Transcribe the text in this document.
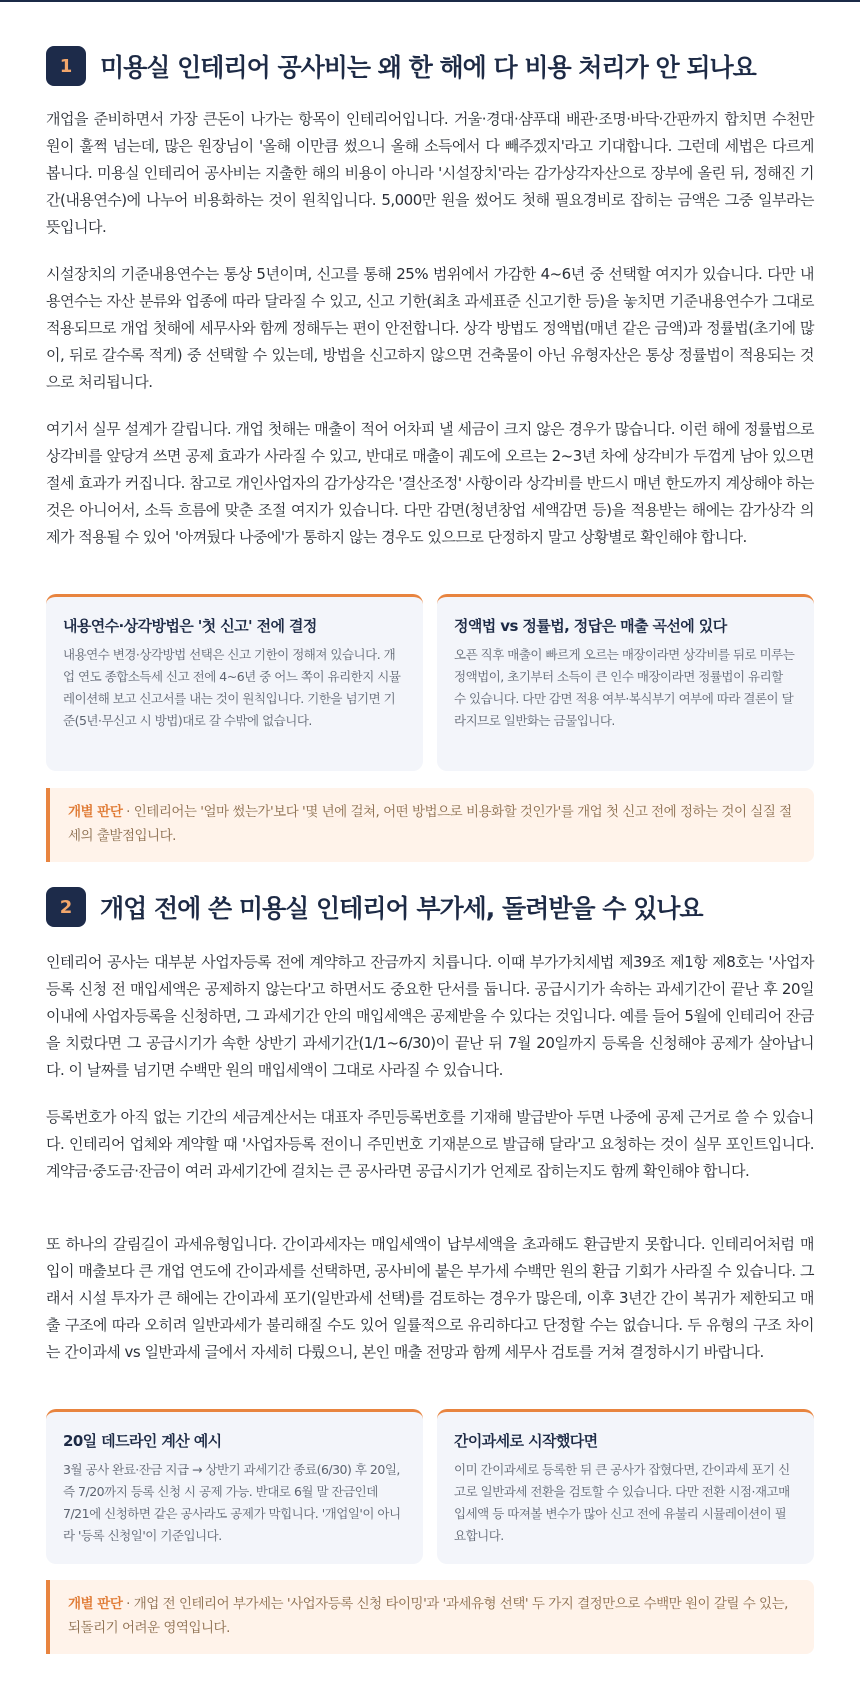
1	미용실 인테리어 공사비는 왜 한 해에 다 비용 처리가 안 되나요

개업을 준비하면서 가장 큰돈이 나가는 항목이 인테리어입니다. 거울·경대·샴푸대 배관·조명·바닥·간판까지 합치면 수천만 원이 훌쩍 넘는데, 많은 원장님이 '올해 이만큼 썼으니 올해 소득에서 다 빼주겠지'라고 기대합니다. 그런데 세법은 다르게 봅니다. 미용실 인테리어 공사비는 지출한 해의 비용이 아니라 '시설장치'라는 감가상각자산으로 장부에 올린 뒤, 정해진 기간(내용연수)에 나누어 비용화하는 것이 원칙입니다. 5,000만 원을 썼어도 첫해 필요경비로 잡히는 금액은 그중 일부라는 뜻입니다.

시설장치의 기준내용연수는 통상 5년이며, 신고를 통해 25% 범위에서 가감한 4~6년 중 선택할 여지가 있습니다. 다만 내용연수는 자산 분류와 업종에 따라 달라질 수 있고, 신고 기한(최초 과세표준 신고기한 등)을 놓치면 기준내용연수가 그대로 적용되므로 개업 첫해에 세무사와 함께 정해두는 편이 안전합니다. 상각 방법도 정액법(매년 같은 금액)과 정률법(초기에 많이, 뒤로 갈수록 적게) 중 선택할 수 있는데, 방법을 신고하지 않으면 건축물이 아닌 유형자산은 통상 정률법이 적용되는 것으로 처리됩니다.

여기서 실무 설계가 갈립니다. 개업 첫해는 매출이 적어 어차피 낼 세금이 크지 않은 경우가 많습니다. 이런 해에 정률법으로 상각비를 앞당겨 쓰면 공제 효과가 사라질 수 있고, 반대로 매출이 궤도에 오르는 2~3년 차에 상각비가 두껍게 남아 있으면 절세 효과가 커집니다. 참고로 개인사업자의 감가상각은 '결산조정' 사항이라 상각비를 반드시 매년 한도까지 계상해야 하는 것은 아니어서, 소득 흐름에 맞춘 조절 여지가 있습니다. 다만 감면(청년창업 세액감면 등)을 적용받는 해에는 감가상각 의제가 적용될 수 있어 '아껴뒀다 나중에'가 통하지 않는 경우도 있으므로 단정하지 말고 상황별로 확인해야 합니다.

내용연수·상각방법은 '첫 신고' 전에 결정
내용연수 변경·상각방법 선택은 신고 기한이 정해져 있습니다. 개업 연도 종합소득세 신고 전에 4~6년 중 어느 쪽이 유리한지 시뮬레이션해 보고 신고서를 내는 것이 원칙입니다. 기한을 넘기면 기준(5년·무신고 시 방법)대로 갈 수밖에 없습니다.
정액법 vs 정률법, 정답은 매출 곡선에 있다
오픈 직후 매출이 빠르게 오르는 매장이라면 상각비를 뒤로 미루는 정액법이, 초기부터 소득이 큰 인수 매장이라면 정률법이 유리할 수 있습니다. 다만 감면 적용 여부·복식부기 여부에 따라 결론이 달라지므로 일반화는 금물입니다.
개별 판단 · 인테리어는 '얼마 썼는가'보다 '몇 년에 걸쳐, 어떤 방법으로 비용화할 것인가'를 개업 첫 신고 전에 정하는 것이 실질 절세의 출발점입니다.
2	개업 전에 쓴 미용실 인테리어 부가세, 돌려받을 수 있나요

인테리어 공사는 대부분 사업자등록 전에 계약하고 잔금까지 치릅니다. 이때 부가가치세법 제39조 제1항 제8호는 '사업자등록 신청 전 매입세액은 공제하지 않는다'고 하면서도 중요한 단서를 둡니다. 공급시기가 속하는 과세기간이 끝난 후 20일 이내에 사업자등록을 신청하면, 그 과세기간 안의 매입세액은 공제받을 수 있다는 것입니다. 예를 들어 5월에 인테리어 잔금을 치렀다면 그 공급시기가 속한 상반기 과세기간(1/1~6/30)이 끝난 뒤 7월 20일까지 등록을 신청해야 공제가 살아납니다. 이 날짜를 넘기면 수백만 원의 매입세액이 그대로 사라질 수 있습니다.

등록번호가 아직 없는 기간의 세금계산서는 대표자 주민등록번호를 기재해 발급받아 두면 나중에 공제 근거로 쓸 수 있습니다. 인테리어 업체와 계약할 때 '사업자등록 전이니 주민번호 기재분으로 발급해 달라'고 요청하는 것이 실무 포인트입니다. 계약금·중도금·잔금이 여러 과세기간에 걸치는 큰 공사라면 공급시기가 언제로 잡히는지도 함께 확인해야 합니다.

또 하나의 갈림길이 과세유형입니다. 간이과세자는 매입세액이 납부세액을 초과해도 환급받지 못합니다. 인테리어처럼 매입이 매출보다 큰 개업 연도에 간이과세를 선택하면, 공사비에 붙은 부가세 수백만 원의 환급 기회가 사라질 수 있습니다. 그래서 시설 투자가 큰 해에는 간이과세 포기(일반과세 선택)를 검토하는 경우가 많은데, 이후 3년간 간이 복귀가 제한되고 매출 구조에 따라 오히려 일반과세가 불리해질 수도 있어 일률적으로 유리하다고 단정할 수는 없습니다. 두 유형의 구조 차이는 간이과세 vs 일반과세 글에서 자세히 다뤘으니, 본인 매출 전망과 함께 세무사 검토를 거쳐 결정하시기 바랍니다.

20일 데드라인 계산 예시
3월 공사 완료·잔금 지급 → 상반기 과세기간 종료(6/30) 후 20일, 즉 7/20까지 등록 신청 시 공제 가능. 반대로 6월 말 잔금인데 7/21에 신청하면 같은 공사라도 공제가 막힙니다. '개업일'이 아니라 '등록 신청일'이 기준입니다.
간이과세로 시작했다면
이미 간이과세로 등록한 뒤 큰 공사가 잡혔다면, 간이과세 포기 신고로 일반과세 전환을 검토할 수 있습니다. 다만 전환 시점·재고매입세액 등 따져볼 변수가 많아 신고 전에 유불리 시뮬레이션이 필요합니다.
개별 판단 · 개업 전 인테리어 부가세는 '사업자등록 신청 타이밍'과 '과세유형 선택' 두 가지 결정만으로 수백만 원이 갈릴 수 있는, 되돌리기 어려운 영역입니다.
